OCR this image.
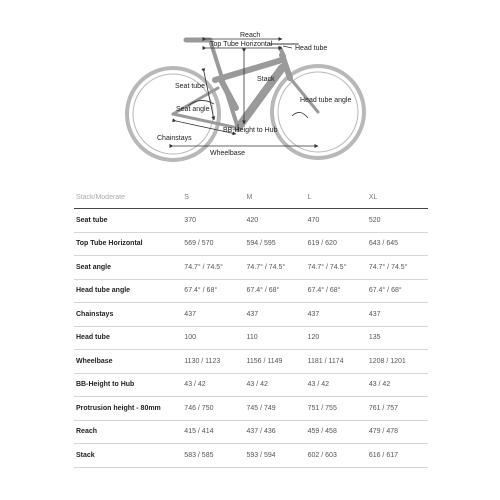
Reach
Top Tube Horizontal
Head tube
Stack
Seat tube
Seat angle
Head tube angle
Chainstays
BB-Height to Hub
Wheelbase
Stack/Moderate	S	M	L	XL
Seat tube	370	420	470	520
Top Tube Horizontal	569 / 570	594 / 595	619 / 620	643 / 645
Seat angle	74.7° / 74.5°	74.7° / 74.5°	74.7° / 74.5°	74.7° / 74.5°
Head tube angle	67.4° / 68°	67.4° / 68°	67.4° / 68°	67.4° / 68°
Chainstays	437	437	437	437
Head tube	100	110	120	135
Wheelbase	1130 / 1123	1156 / 1149	1181 / 1174	1208 / 1201
BB-Height to Hub	43 / 42	43 / 42	43 / 42	43 / 42
Protrusion height - 80mm	746 / 750	745 / 749	751 / 755	761 / 757
Reach	415 / 414	437 / 436	459 / 458	479 / 478
Stack	583 / 585	593 / 594	602 / 603	616 / 617
